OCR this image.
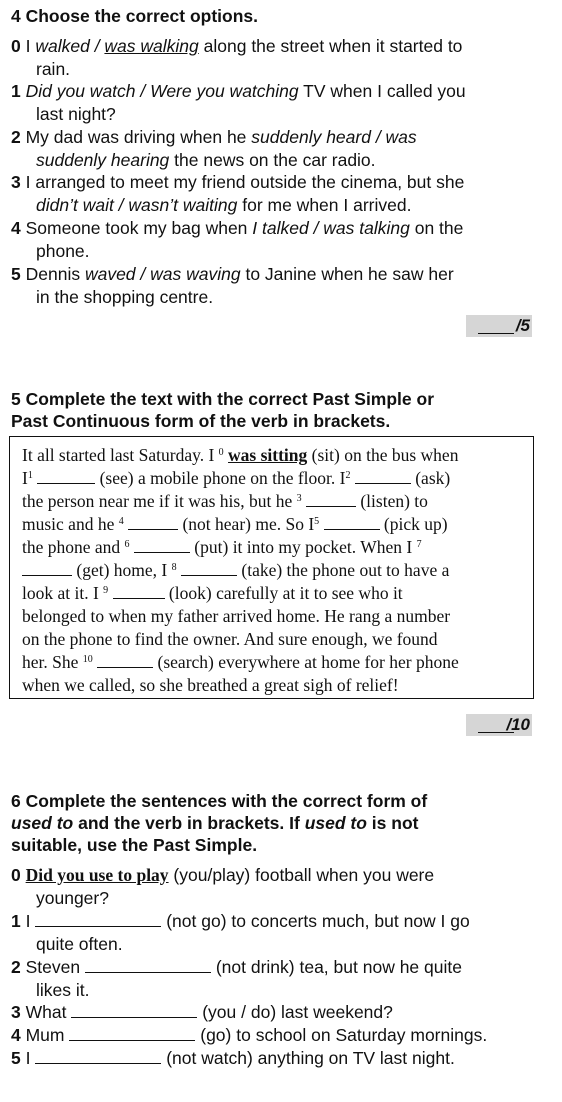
4 Choose the correct options.
0 I walked / was walking along the street when it started to
rain.
1 Did you watch / Were you watching TV when I called you
last night?
2 My dad was driving when he suddenly heard / was
suddenly hearing the news on the car radio.
3 I arranged to meet my friend outside the cinema, but she
didn’t wait / wasn’t waiting for me when I arrived.
4 Someone took my bag when I talked / was talking on the
phone.
5 Dennis waved / was waving to Janine when he saw her
in the shopping centre.
/5
5 Complete the text with the correct Past Simple or
Past Continuous form of the verb in brackets.
It all started last Saturday. I $^0$ was sitting (sit) on the bus when
$I^1$	(see) a mobile phone on the floor. $I^2$	(ask)
the person near me if it was his, but he $^3$	(listen) to
music and he $^4$	(not hear) me. So $I^5$	(pick up)
the phone and $^6$	(put) it into my pocket. When I $^7$
(get) home, I $^8$	(take) the phone out to have a
look at it. I $^9$	(look) carefully at it to see who it
belonged to when my father arrived home. He rang a number
on the phone to find the owner. And sure enough, we found
her. She $^{10}$	(search) everywhere at home for her phone
when we called, so she breathed a great sigh of relief!
/10
6 Complete the sentences with the correct form of
used to and the verb in brackets. If used to is not
suitable, use the Past Simple.
0 Did you use to play (you/play) football when you were
younger?
1 I	(not go) to concerts much, but now I go
quite often.
2 Steven	(not drink) tea, but now he quite
likes it.
3 What	(you / do) last weekend?
4 Mum	(go) to school on Saturday mornings.
5 I	(not watch) anything on TV last night.
